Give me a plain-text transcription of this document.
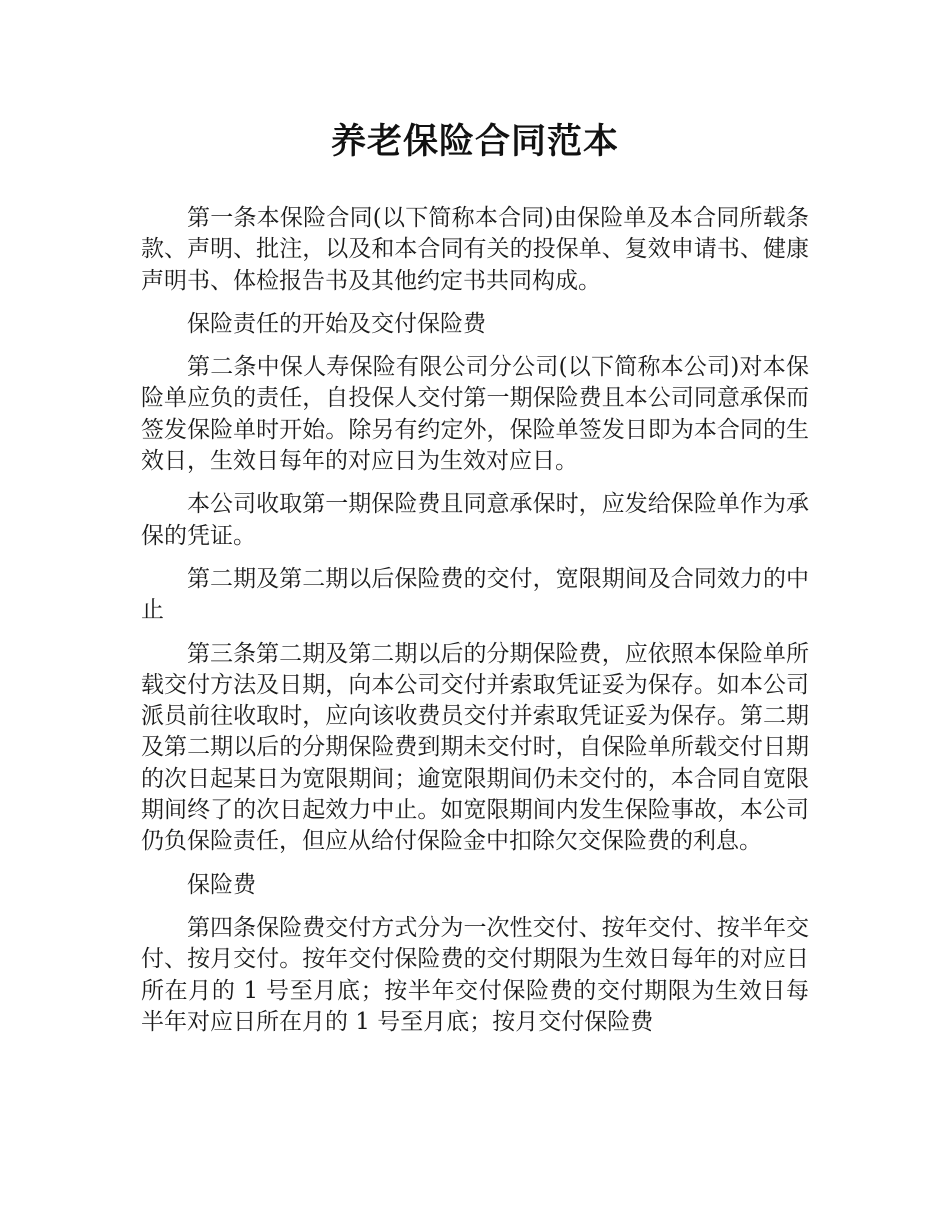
养老保险合同范本

第一条本保险合同(以下简称本合同)由保险单及本合同所载条款、声明、批注，以及和本合同有关的投保单、复效申请书、健康声明书、体检报告书及其他约定书共同构成。

保险责任的开始及交付保险费

第二条中保人寿保险有限公司分公司(以下简称本公司)对本保险单应负的责任，自投保人交付第一期保险费且本公司同意承保而签发保险单时开始。除另有约定外，保险单签发日即为本合同的生效日，生效日每年的对应日为生效对应日。

本公司收取第一期保险费且同意承保时，应发给保险单作为承保的凭证。

第二期及第二期以后保险费的交付，宽限期间及合同效力的中止

第三条第二期及第二期以后的分期保险费，应依照本保险单所载交付方法及日期，向本公司交付并索取凭证妥为保存。如本公司派员前往收取时，应向该收费员交付并索取凭证妥为保存。第二期及第二期以后的分期保险费到期未交付时，自保险单所载交付日期的次日起某日为宽限期间；逾宽限期间仍未交付的，本合同自宽限期间终了的次日起效力中止。如宽限期间内发生保险事故，本公司仍负保险责任，但应从给付保险金中扣除欠交保险费的利息。

保险费

第四条保险费交付方式分为一次性交付、按年交付、按半年交付、按月交付。按年交付保险费的交付期限为生效日每年的对应日所在月的 1 号至月底；按半年交付保险费的交付期限为生效日每半年对应日所在月的 1 号至月底；按月交付保险费
